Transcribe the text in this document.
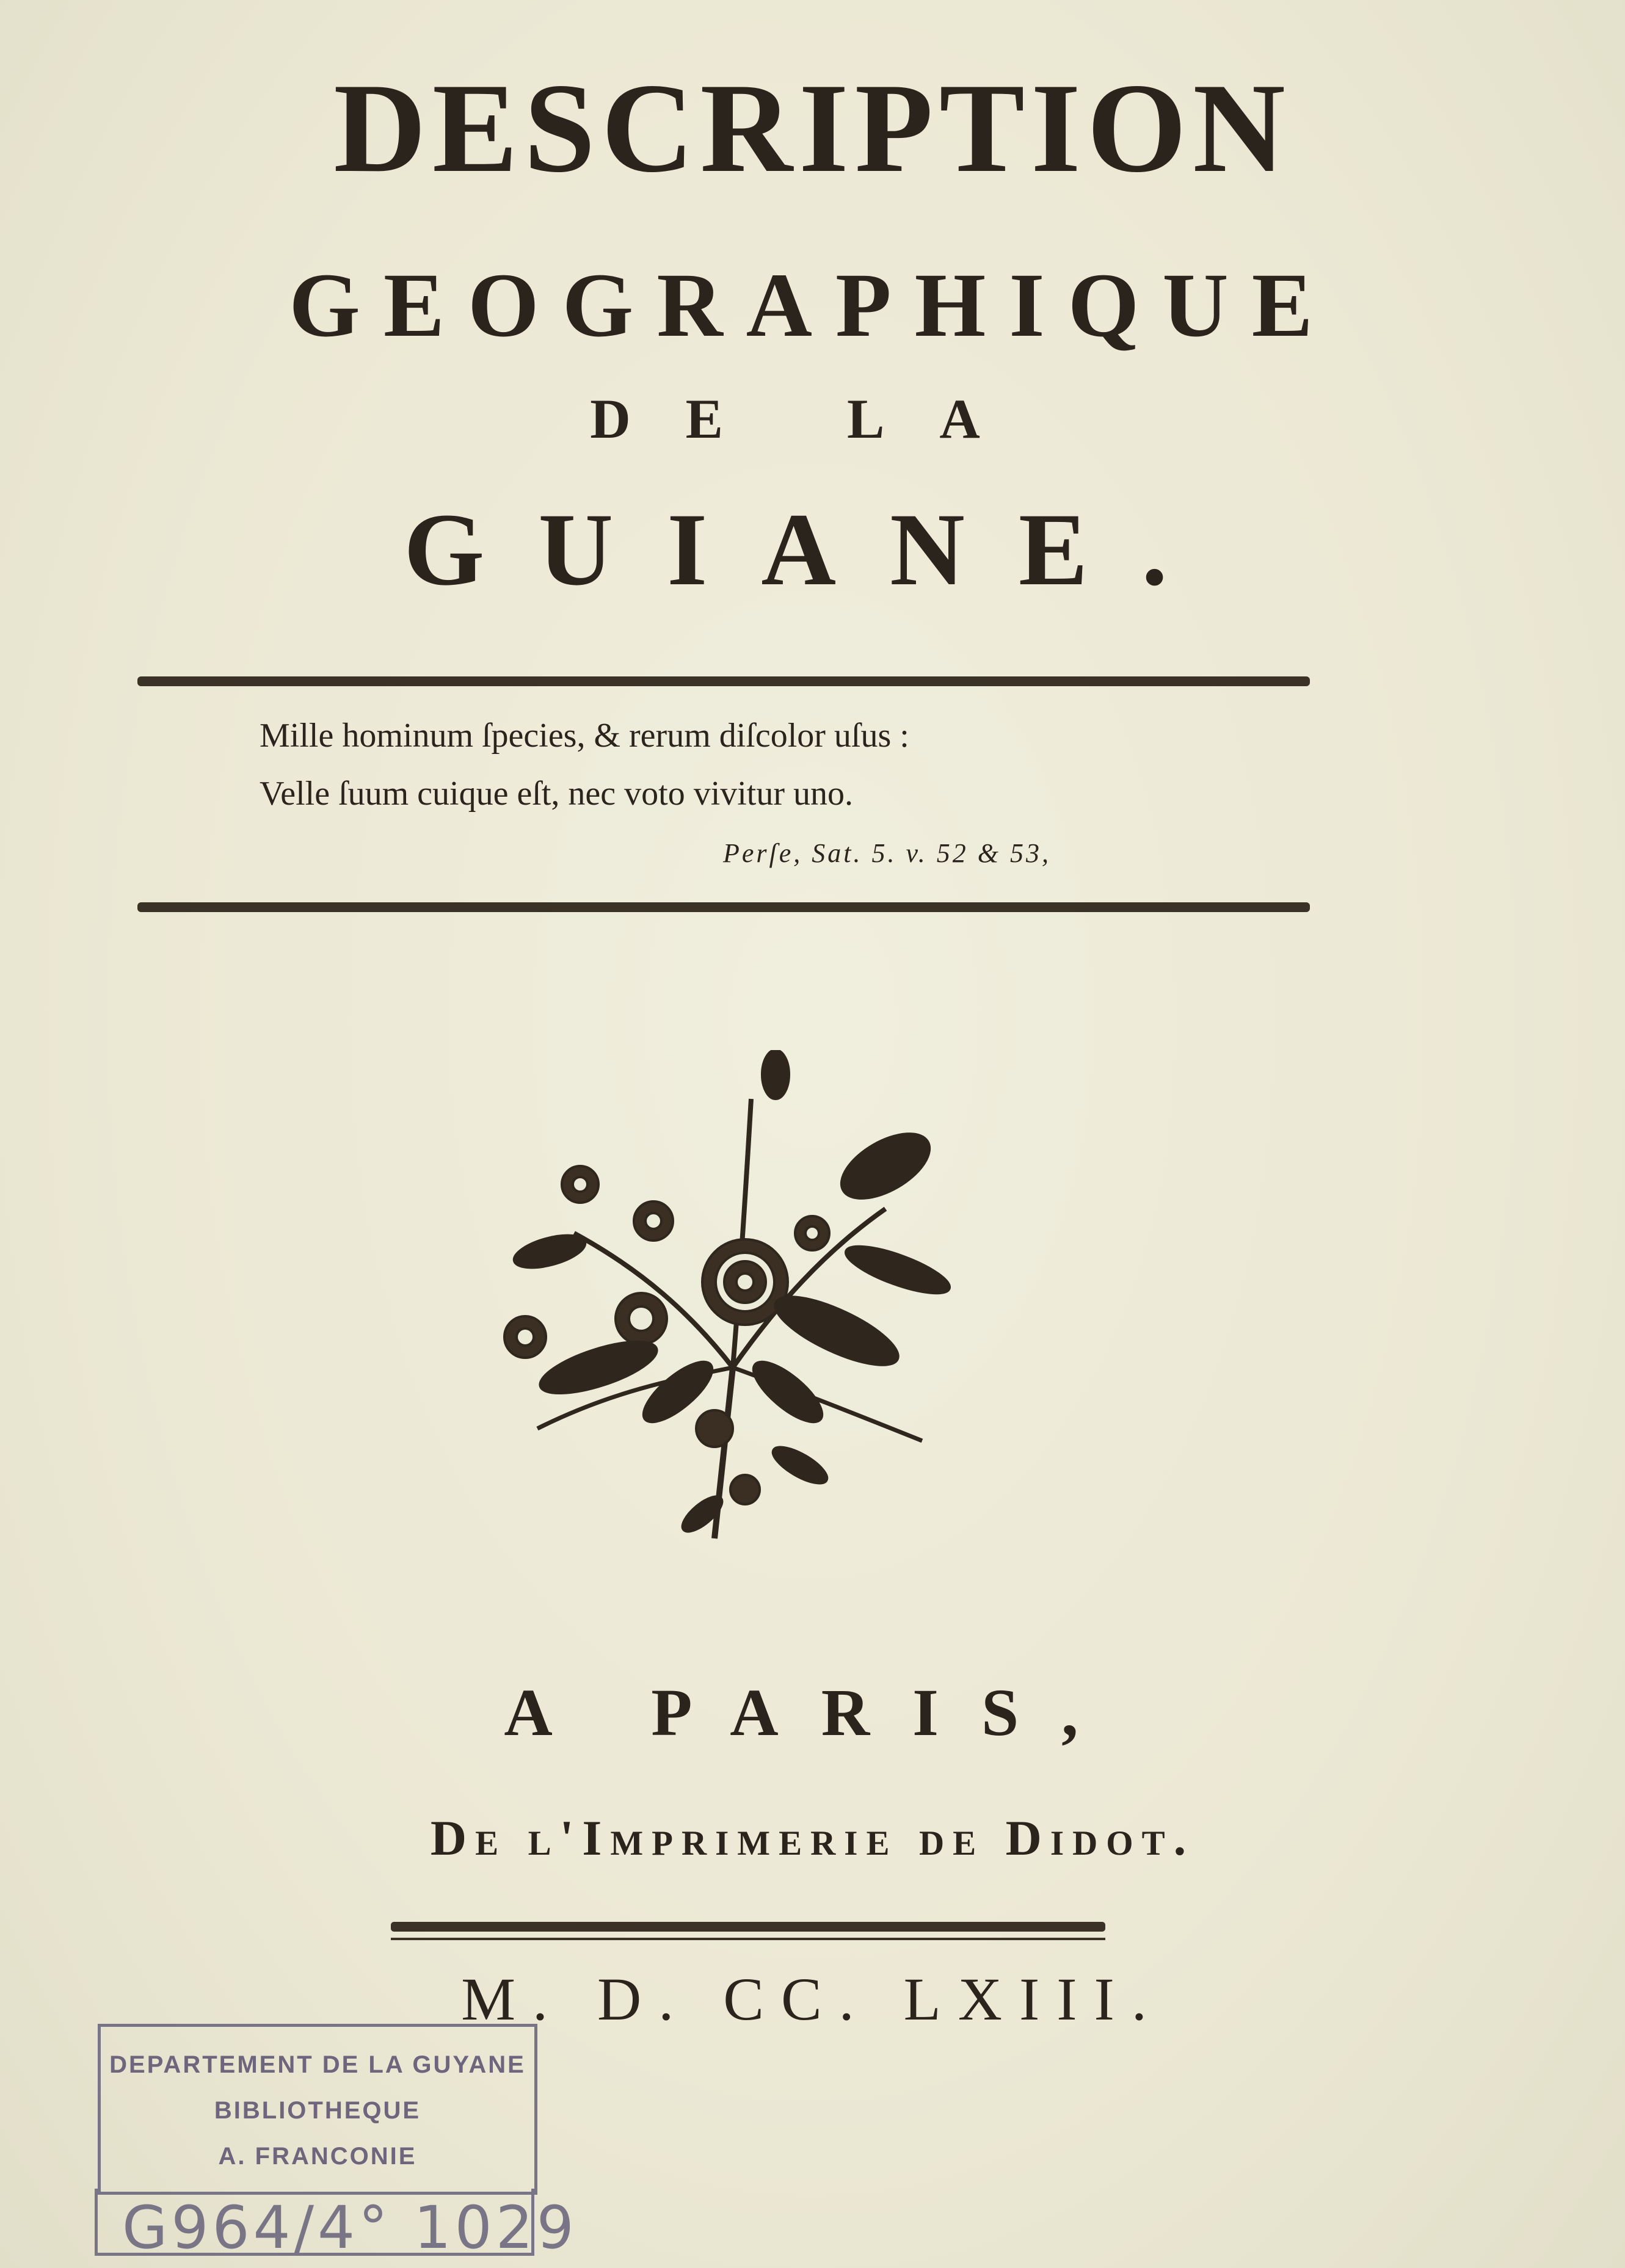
DESCRIPTION
GEOGRAPHIQUE
DE LA
GUIANE.
Mille hominum ſpecies, & rerum diſcolor uſus :
Velle ſuum cuique eſt, nec voto vivitur uno.
Perſe, Sat. 5. v. 52 & 53,
A PARIS,
De l'Imprimerie de Didot.
M. D. CC. LXIII.
DEPARTEMENT DE LA GUYANE
BIBLIOTHEQUE
A. FRANCONIE
G964/4° 1029
